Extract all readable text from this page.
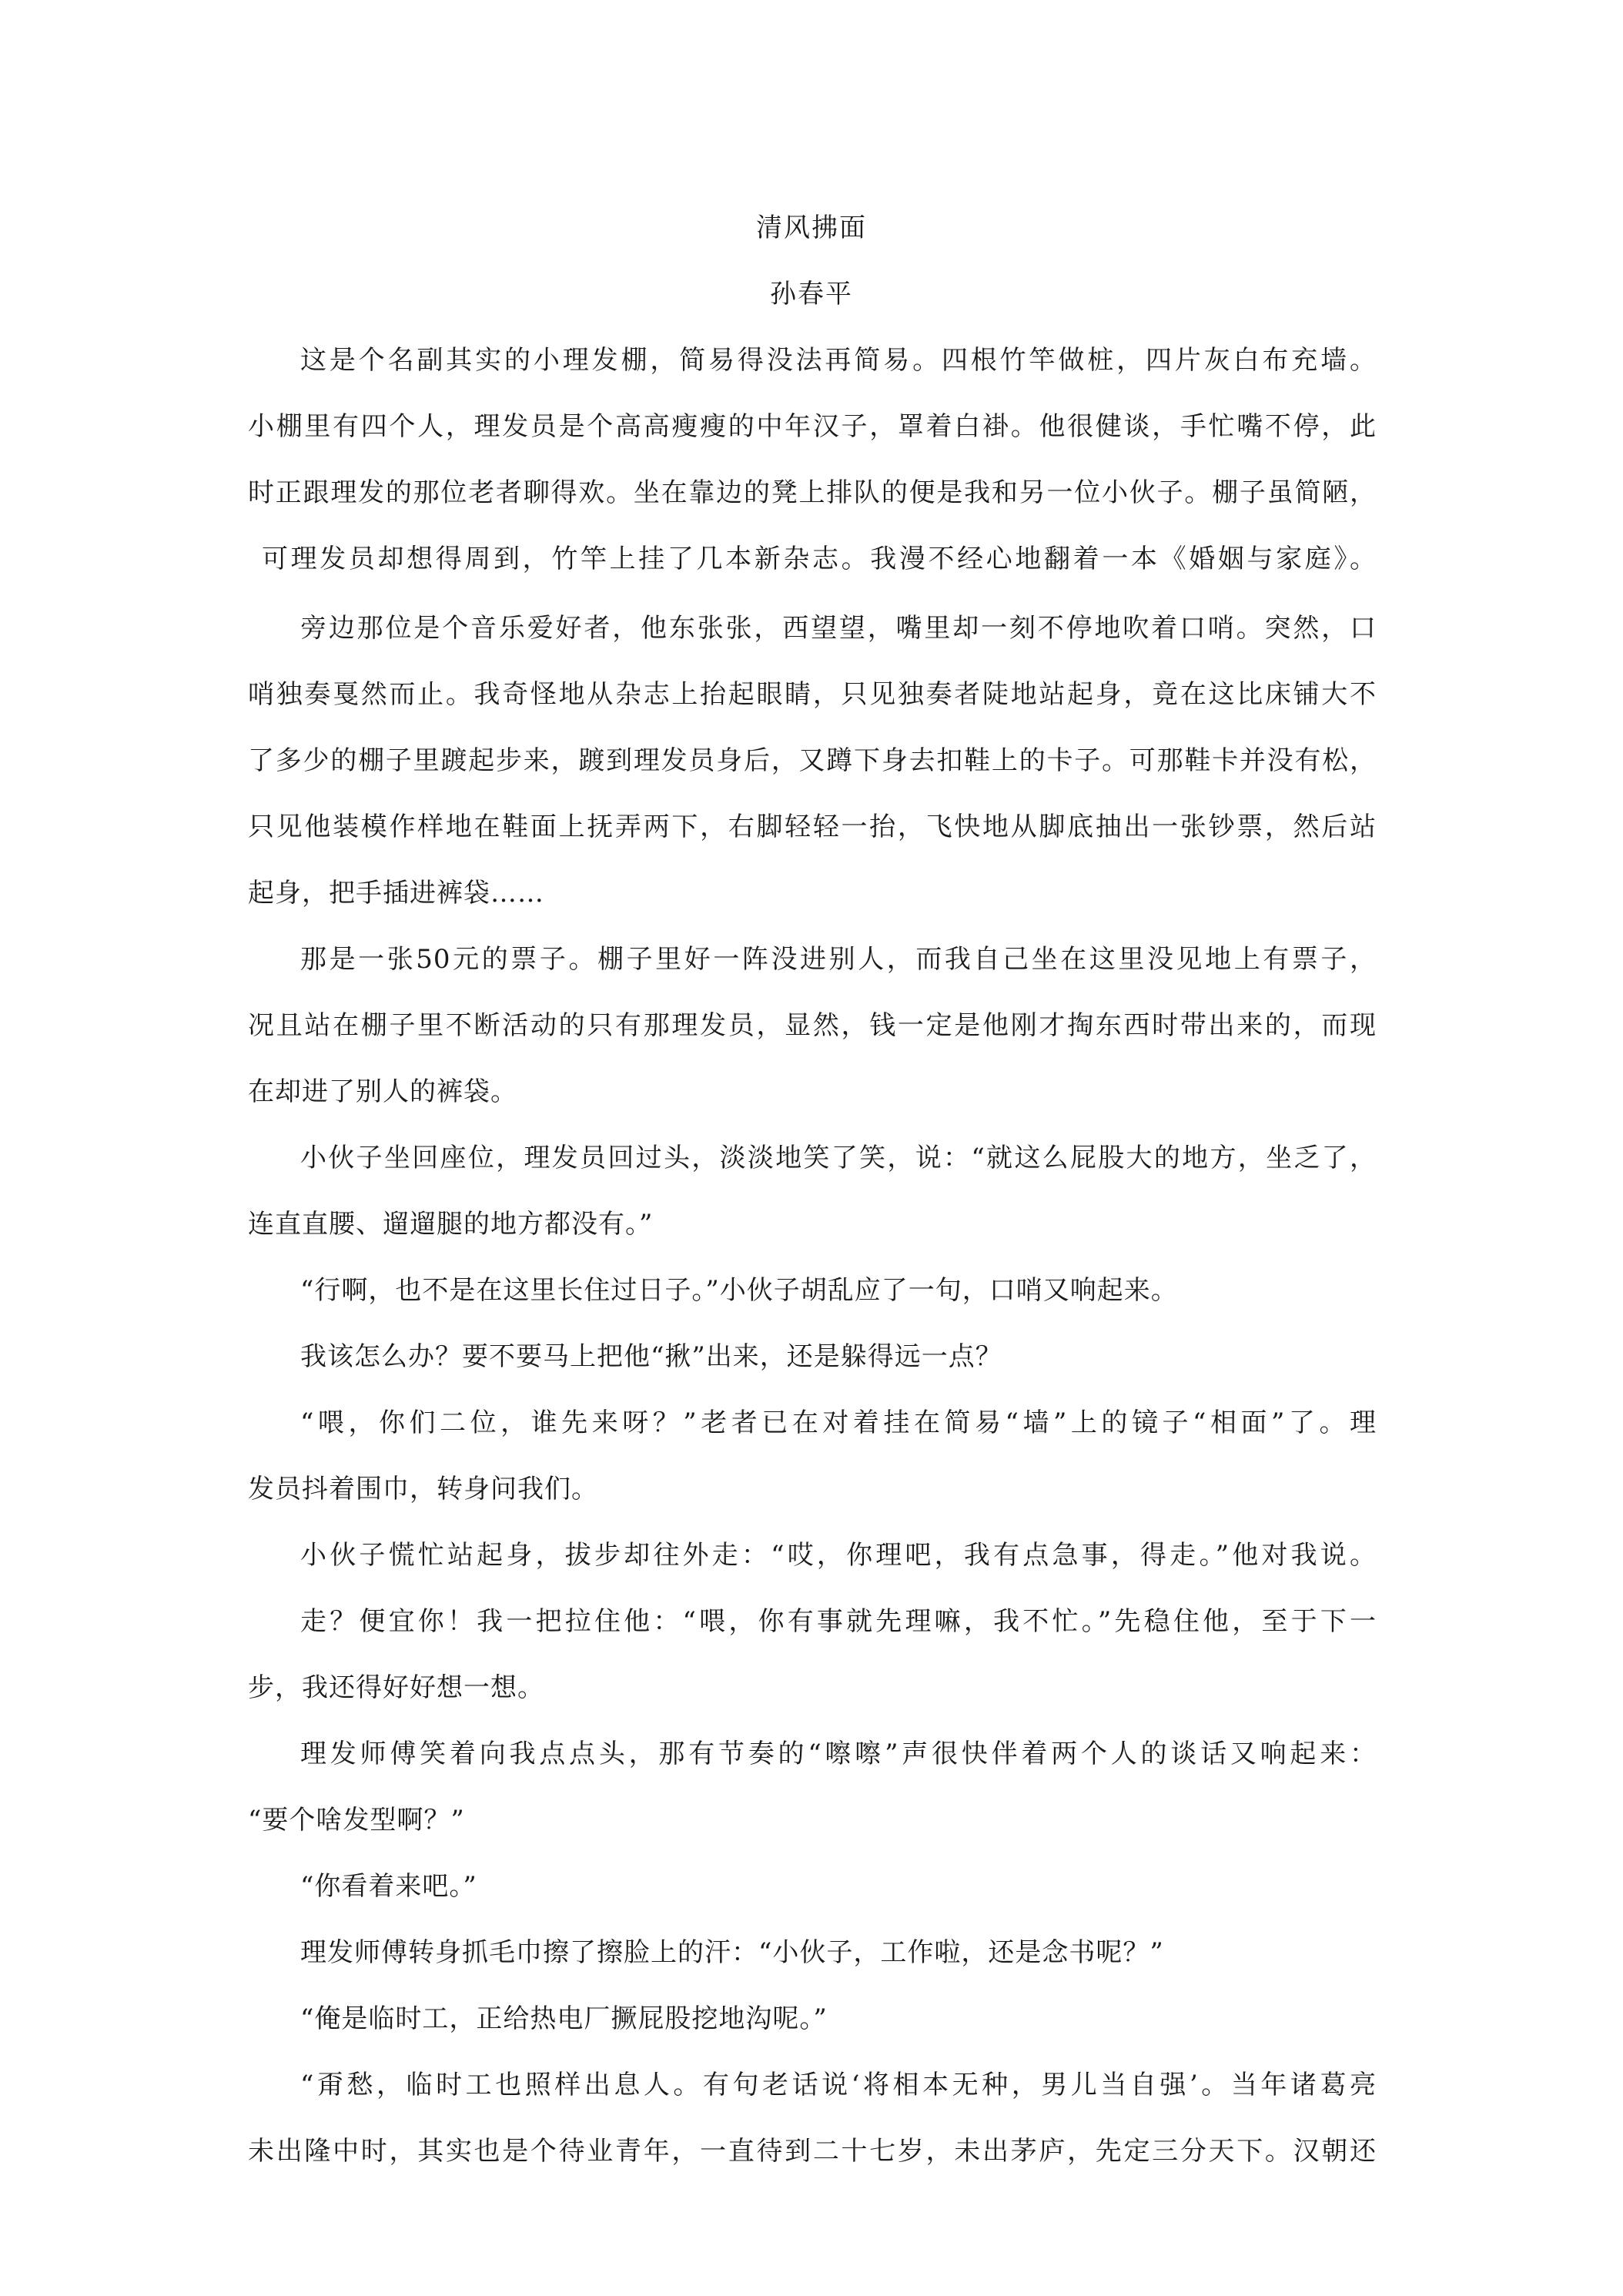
清风拂面
孙春平
这是个名副其实的小理发棚，简易得没法再简易。四根竹竿做桩，四片灰白布充墙。
小棚里有四个人，理发员是个高高瘦瘦的中年汉子，罩着白褂。他很健谈，手忙嘴不停，此
时正跟理发的那位老者聊得欢。坐在靠边的凳上排队的便是我和另一位小伙子。棚子虽简陋，
可理发员却想得周到，竹竿上挂了几本新杂志。我漫不经心地翻着一本《婚姻与家庭》。
旁边那位是个音乐爱好者，他东张张，西望望，嘴里却一刻不停地吹着口哨。突然，口
哨独奏戛然而止。我奇怪地从杂志上抬起眼睛，只见独奏者陡地站起身，竟在这比床铺大不
了多少的棚子里踱起步来，踱到理发员身后，又蹲下身去扣鞋上的卡子。可那鞋卡并没有松，
只见他装模作样地在鞋面上抚弄两下，右脚轻轻一抬，飞快地从脚底抽出一张钞票，然后站
起身，把手插进裤袋……
那是一张50元的票子。棚子里好一阵没进别人，而我自己坐在这里没见地上有票子，
况且站在棚子里不断活动的只有那理发员，显然，钱一定是他刚才掏东西时带出来的，而现
在却进了别人的裤袋。
小伙子坐回座位，理发员回过头，淡淡地笑了笑，说：“就这么屁股大的地方，坐乏了，
连直直腰、遛遛腿的地方都没有。”
“行啊，也不是在这里长住过日子。”小伙子胡乱应了一句，口哨又响起来。
我该怎么办？要不要马上把他“揪”出来，还是躲得远一点？
“喂，你们二位，谁先来呀？”老者已在对着挂在简易“墙”上的镜子“相面”了。理
发员抖着围巾，转身问我们。
小伙子慌忙站起身，拔步却往外走：“哎，你理吧，我有点急事，得走。”他对我说。
走？便宜你！我一把拉住他：“喂，你有事就先理嘛，我不忙。”先稳住他，至于下一
步，我还得好好想一想。
理发师傅笑着向我点点头，那有节奏的“嚓嚓”声很快伴着两个人的谈话又响起来：
“要个啥发型啊？”
“你看着来吧。”
理发师傅转身抓毛巾擦了擦脸上的汗：“小伙子，工作啦，还是念书呢？”
“俺是临时工，正给热电厂撅屁股挖地沟呢。”
“甭愁，临时工也照样出息人。有句老话说‘将相本无种，男儿当自强’。当年诸葛亮
未出隆中时，其实也是个待业青年，一直待到二十七岁，未出茅庐，先定三分天下。汉朝还
